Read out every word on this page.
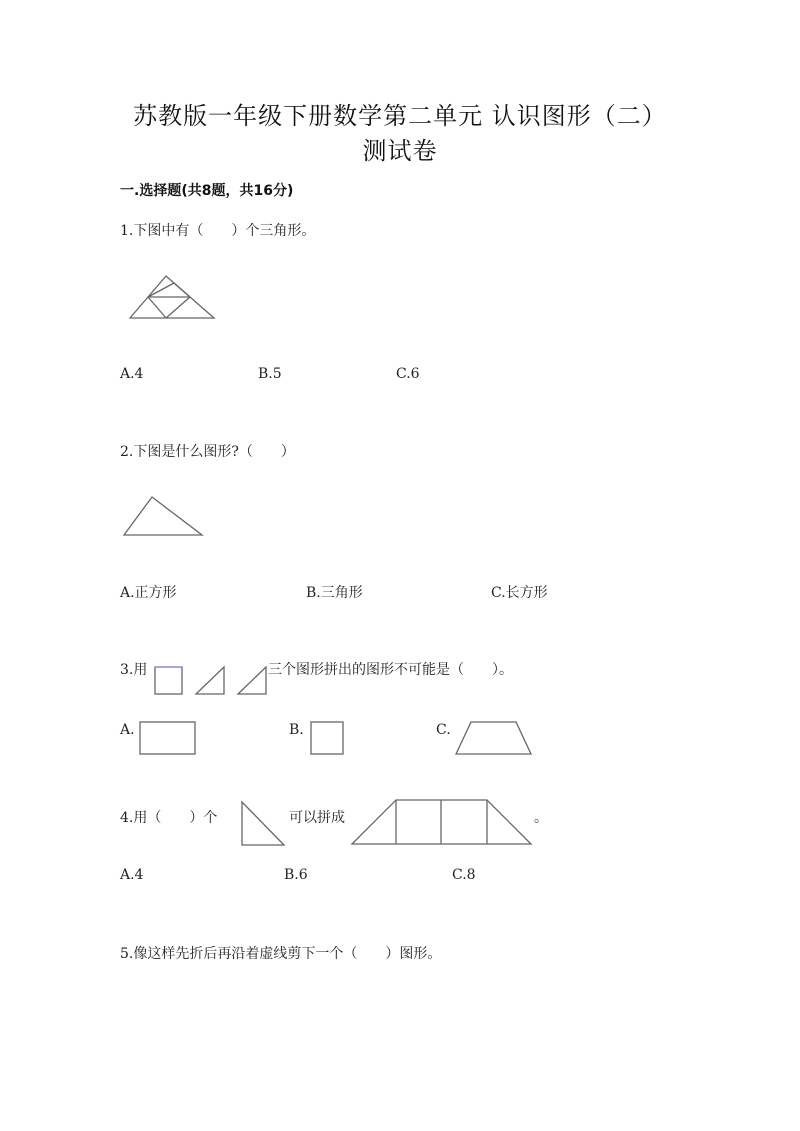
苏教版一年级下册数学第二单元 认识图形（二）
测试卷
一.选择题(共8题，共16分)
1.下图中有（　　）个三角形。
A.4	B.5	C.6
2.下图是什么图形?（　　）
A.正方形	B.三角形	C.长方形
3.用	三个图形拼出的图形不可能是（　　）。
A.	B.	C.
4.用（　　）个	可以拼成	。
A.4	B.6	C.8
5.像这样先折后再沿着虚线剪下一个（　　）图形。
